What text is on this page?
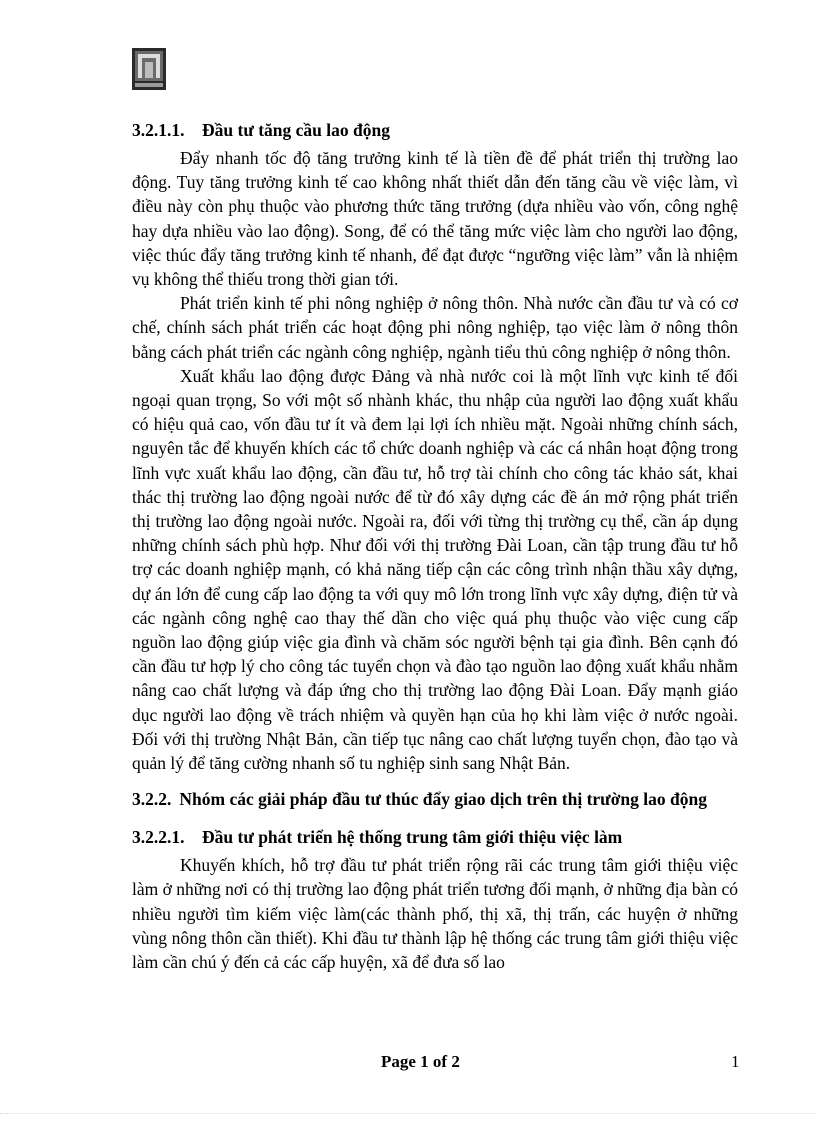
3.2.1.1. Đầu tư tăng cầu lao động

Đẩy nhanh tốc độ tăng trưởng kinh tế là tiền đề để phát triển thị trường lao động. Tuy tăng trưởng kinh tế cao không nhất thiết dẫn đến tăng cầu về việc làm, vì điều này còn phụ thuộc vào phương thức tăng trưởng (dựa nhiều vào vốn, công nghệ hay dựa nhiều vào lao động). Song, để có thể tăng mức việc làm cho người lao động, việc thúc đẩy tăng trưởng kinh tế nhanh, để đạt được “ngưỡng việc làm” vẫn là nhiệm vụ không thể thiếu trong thời gian tới.

Phát triển kinh tế phi nông nghiệp ở nông thôn. Nhà nước cần đầu tư và có cơ chế, chính sách phát triển các hoạt động phi nông nghiệp, tạo việc làm ở nông thôn bằng cách phát triển các ngành công nghiệp, ngành tiểu thủ công nghiệp ở nông thôn.

Xuất khẩu lao động được Đảng và nhà nước coi là một lĩnh vực kinh tế đối ngoại quan trọng, So với một số nhành khác, thu nhập của người lao động xuất khẩu có hiệu quả cao, vốn đầu tư ít và đem lại lợi ích nhiều mặt. Ngoài những chính sách, nguyên tắc để khuyến khích các tổ chức doanh nghiệp và các cá nhân hoạt động trong lĩnh vực xuất khẩu lao động, cần đầu tư, hỗ trợ tài chính cho công tác khảo sát, khai thác thị trường lao động ngoài nước để từ đó xây dựng các đề án mở rộng phát triển thị trường lao động ngoài nước. Ngoài ra, đối với từng thị trường cụ thể, cần áp dụng những chính sách phù hợp. Như đối với thị trường Đài Loan, cần tập trung đầu tư hỗ trợ các doanh nghiệp mạnh, có khả năng tiếp cận các công trình nhận thầu xây dựng, dự án lớn để cung cấp lao động ta với quy mô lớn trong lĩnh vực xây dựng, điện tử và các ngành công nghệ cao thay thế dần cho việc quá phụ thuộc vào việc cung cấp nguồn lao động giúp việc gia đình và chăm sóc người bệnh tại gia đình. Bên cạnh đó cần đầu tư hợp lý cho công tác tuyển chọn và đào tạo nguồn lao động xuất khẩu nhằm nâng cao chất lượng và đáp ứng cho thị trường lao động Đài Loan. Đẩy mạnh giáo dục người lao động về trách nhiệm và quyền hạn của họ khi làm việc ở nước ngoài. Đối với thị trường Nhật Bản, cần tiếp tục nâng cao chất lượng tuyển chọn, đào tạo và quản lý để tăng cường nhanh số tu nghiệp sinh sang Nhật Bản.

3.2.2. Nhóm các giải pháp đầu tư thúc đẩy giao dịch trên thị trường lao động
3.2.2.1. Đầu tư phát triển hệ thống trung tâm giới thiệu việc làm

Khuyến khích, hỗ trợ đầu tư phát triển rộng rãi các trung tâm giới thiệu việc làm ở những nơi có thị trường lao động phát triển tương đối mạnh, ở những địa bàn có nhiều người tìm kiếm việc làm(các thành phố, thị xã, thị trấn, các huyện ở những vùng nông thôn cần thiết). Khi đầu tư thành lập hệ thống các trung tâm giới thiệu việc làm cần chú ý đến cả các cấp huyện, xã để đưa số lao

Page 1 of 2	1
